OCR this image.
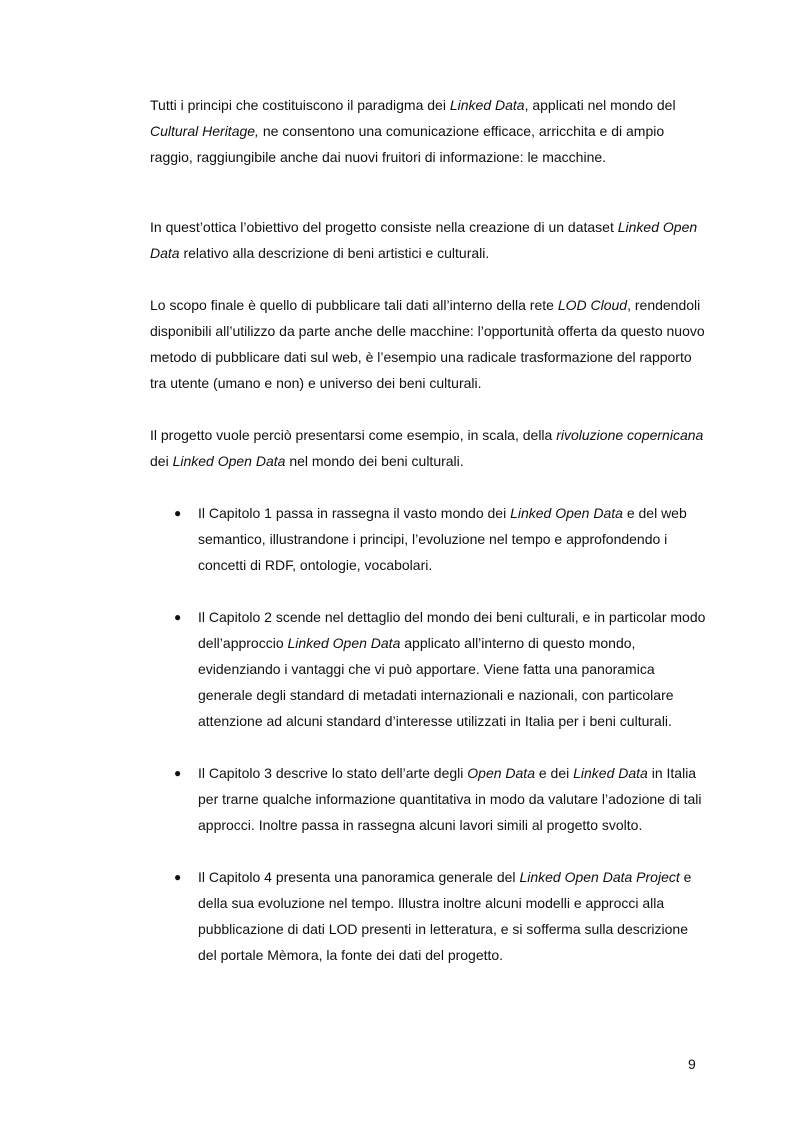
Tutti i principi che costituiscono il paradigma dei Linked Data, applicati nel mondo del Cultural Heritage, ne consentono una comunicazione efficace, arricchita e di ampio raggio, raggiungibile anche dai nuovi fruitori di informazione: le macchine.

In quest’ottica l’obiettivo del progetto consiste nella creazione di un dataset Linked Open Data relativo alla descrizione di beni artistici e culturali.

Lo scopo finale è quello di pubblicare tali dati all’interno della rete LOD Cloud, rendendoli disponibili all’utilizzo da parte anche delle macchine: l’opportunità offerta da questo nuovo metodo di pubblicare dati sul web, è l’esempio una radicale trasformazione del rapporto tra utente (umano e non) e universo dei beni culturali.

Il progetto vuole perciò presentarsi come esempio, in scala, della rivoluzione copernicana dei Linked Open Data nel mondo dei beni culturali.

● Il Capitolo 1 passa in rassegna il vasto mondo dei Linked Open Data e del web semantico, illustrandone i principi, l’evoluzione nel tempo e approfondendo i concetti di RDF, ontologie, vocabolari.
● Il Capitolo 2 scende nel dettaglio del mondo dei beni culturali, e in particolar modo dell’approccio Linked Open Data applicato all’interno di questo mondo, evidenziando i vantaggi che vi può apportare. Viene fatta una panoramica generale degli standard di metadati internazionali e nazionali, con particolare attenzione ad alcuni standard d’interesse utilizzati in Italia per i beni culturali.
● Il Capitolo 3 descrive lo stato dell’arte degli Open Data e dei Linked Data in Italia per trarne qualche informazione quantitativa in modo da valutare l’adozione di tali approcci. Inoltre passa in rassegna alcuni lavori simili al progetto svolto.
● Il Capitolo 4 presenta una panoramica generale del Linked Open Data Project e della sua evoluzione nel tempo. Illustra inoltre alcuni modelli e approcci alla pubblicazione di dati LOD presenti in letteratura, e si sofferma sulla descrizione del portale Mèmora, la fonte dei dati del progetto.
9
